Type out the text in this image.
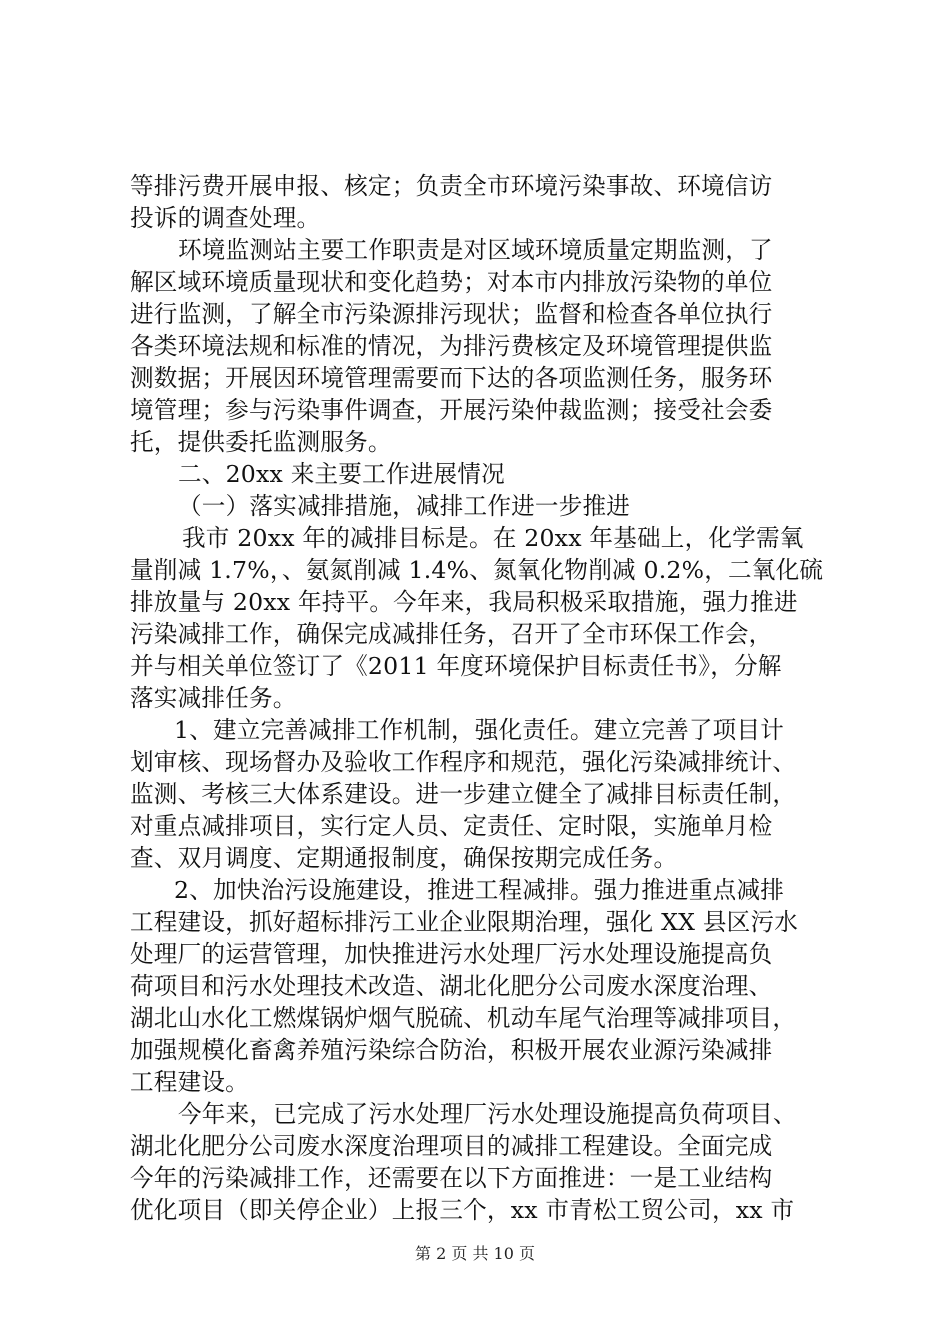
等排污费开展申报、核定；负责全市环境污染事故、环境信访
投诉的调查处理。
环境监测站主要工作职责是对区域环境质量定期监测，了
解区域环境质量现状和变化趋势；对本市内排放污染物的单位
进行监测，了解全市污染源排污现状；监督和检查各单位执行
各类环境法规和标准的情况，为排污费核定及环境管理提供监
测数据；开展因环境管理需要而下达的各项监测任务，服务环
境管理；参与污染事件调查，开展污染仲裁监测；接受社会委
托，提供委托监测服务。
二、20xx 来主要工作进展情况
（一）落实减排措施，减排工作进一步推进
我市 20xx 年的减排目标是。在 20xx 年基础上，化学需氧
量削减 1.7%，、氨氮削减 1.4%、氮氧化物削减 0.2%，二氧化硫
排放量与 20xx 年持平。今年来，我局积极采取措施，强力推进
污染减排工作，确保完成减排任务，召开了全市环保工作会，
并与相关单位签订了《2011 年度环境保护目标责任书》，分解
落实减排任务。
1、建立完善减排工作机制，强化责任。建立完善了项目计
划审核、现场督办及验收工作程序和规范，强化污染减排统计、
监测、考核三大体系建设。进一步建立健全了减排目标责任制，
对重点减排项目，实行定人员、定责任、定时限，实施单月检
查、双月调度、定期通报制度，确保按期完成任务。
2、加快治污设施建设，推进工程减排。强力推进重点减排
工程建设，抓好超标排污工业企业限期治理，强化 XX 县区污水
处理厂的运营管理，加快推进污水处理厂污水处理设施提高负
荷项目和污水处理技术改造、湖北化肥分公司废水深度治理、
湖北山水化工燃煤锅炉烟气脱硫、机动车尾气治理等减排项目，
加强规模化畜禽养殖污染综合防治，积极开展农业源污染减排
工程建设。
今年来，已完成了污水处理厂污水处理设施提高负荷项目、
湖北化肥分公司废水深度治理项目的减排工程建设。全面完成
今年的污染减排工作，还需要在以下方面推进：一是工业结构
优化项目（即关停企业）上报三个，xx 市青松工贸公司，xx 市
第 2 页 共 10 页
